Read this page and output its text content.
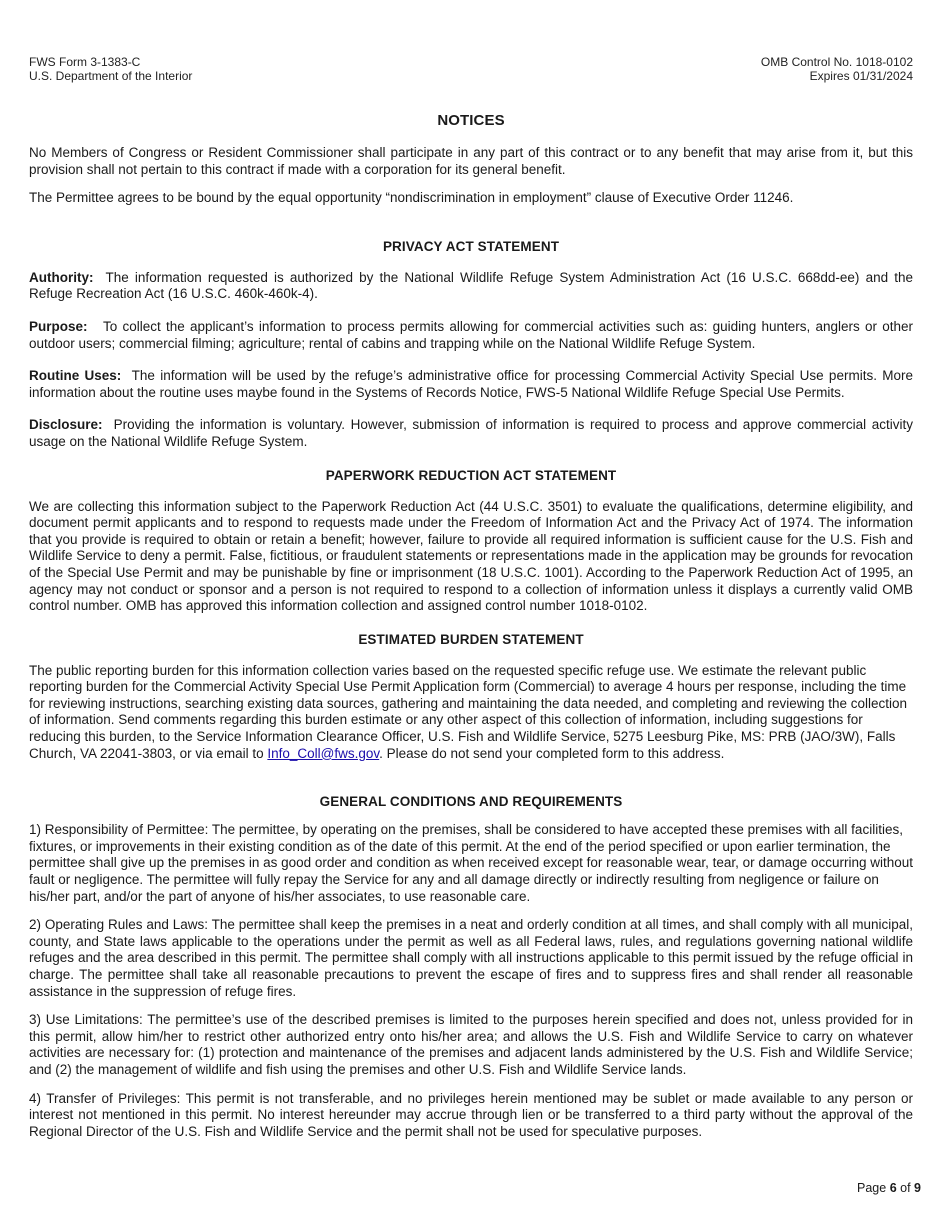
FWS Form 3-1383-C
U.S. Department of the Interior
OMB Control No. 1018-0102
Expires 01/31/2024
NOTICES

No Members of Congress or Resident Commissioner shall participate in any part of this contract or to any benefit that may arise from it, but this provision shall not pertain to this contract if made with a corporation for its general benefit.

The Permittee agrees to be bound by the equal opportunity “nondiscrimination in employment” clause of Executive Order 11246.

PRIVACY ACT STATEMENT

Authority: The information requested is authorized by the National Wildlife Refuge System Administration Act (16 U.S.C. 668dd-ee) and the Refuge Recreation Act (16 U.S.C. 460k-460k-4).

Purpose: To collect the applicant’s information to process permits allowing for commercial activities such as: guiding hunters, anglers or other outdoor users; commercial filming; agriculture; rental of cabins and trapping while on the National Wildlife Refuge System.

Routine Uses: The information will be used by the refuge’s administrative office for processing Commercial Activity Special Use permits. More information about the routine uses maybe found in the Systems of Records Notice, FWS-5 National Wildlife Refuge Special Use Permits.

Disclosure: Providing the information is voluntary. However, submission of information is required to process and approve commercial activity usage on the National Wildlife Refuge System.

PAPERWORK REDUCTION ACT STATEMENT

We are collecting this information subject to the Paperwork Reduction Act (44 U.S.C. 3501) to evaluate the qualifications, determine eligibility, and document permit applicants and to respond to requests made under the Freedom of Information Act and the Privacy Act of 1974. The information that you provide is required to obtain or retain a benefit; however, failure to provide all required information is sufficient cause for the U.S. Fish and Wildlife Service to deny a permit. False, fictitious, or fraudulent statements or representations made in the application may be grounds for revocation of the Special Use Permit and may be punishable by fine or imprisonment (18 U.S.C. 1001). According to the Paperwork Reduction Act of 1995, an agency may not conduct or sponsor and a person is not required to respond to a collection of information unless it displays a currently valid OMB control number. OMB has approved this information collection and assigned control number 1018-0102.

ESTIMATED BURDEN STATEMENT

The public reporting burden for this information collection varies based on the requested specific refuge use. We estimate the relevant public reporting burden for the Commercial Activity Special Use Permit Application form (Commercial) to average 4 hours per response, including the time for reviewing instructions, searching existing data sources, gathering and maintaining the data needed, and completing and reviewing the collection of information. Send comments regarding this burden estimate or any other aspect of this collection of information, including suggestions for reducing this burden, to the Service Information Clearance Officer, U.S. Fish and Wildlife Service, 5275 Leesburg Pike, MS: PRB (JAO/3W), Falls Church, VA 22041-3803, or via email to Info_Coll@fws.gov. Please do not send your completed form to this address.

GENERAL CONDITIONS AND REQUIREMENTS

1) Responsibility of Permittee: The permittee, by operating on the premises, shall be considered to have accepted these premises with all facilities, fixtures, or improvements in their existing condition as of the date of this permit. At the end of the period specified or upon earlier termination, the permittee shall give up the premises in as good order and condition as when received except for reasonable wear, tear, or damage occurring without fault or negligence. The permittee will fully repay the Service for any and all damage directly or indirectly resulting from negligence or failure on his/her part, and/or the part of anyone of his/her associates, to use reasonable care.

2) Operating Rules and Laws: The permittee shall keep the premises in a neat and orderly condition at all times, and shall comply with all municipal, county, and State laws applicable to the operations under the permit as well as all Federal laws, rules, and regulations governing national wildlife refuges and the area described in this permit. The permittee shall comply with all instructions applicable to this permit issued by the refuge official in charge. The permittee shall take all reasonable precautions to prevent the escape of fires and to suppress fires and shall render all reasonable assistance in the suppression of refuge fires.

3) Use Limitations: The permittee’s use of the described premises is limited to the purposes herein specified and does not, unless provided for in this permit, allow him/her to restrict other authorized entry onto his/her area; and allows the U.S. Fish and Wildlife Service to carry on whatever activities are necessary for: (1) protection and maintenance of the premises and adjacent lands administered by the U.S. Fish and Wildlife Service; and (2) the management of wildlife and fish using the premises and other U.S. Fish and Wildlife Service lands.

4) Transfer of Privileges: This permit is not transferable, and no privileges herein mentioned may be sublet or made available to any person or interest not mentioned in this permit. No interest hereunder may accrue through lien or be transferred to a third party without the approval of the Regional Director of the U.S. Fish and Wildlife Service and the permit shall not be used for speculative purposes.

Page 6 of 9
